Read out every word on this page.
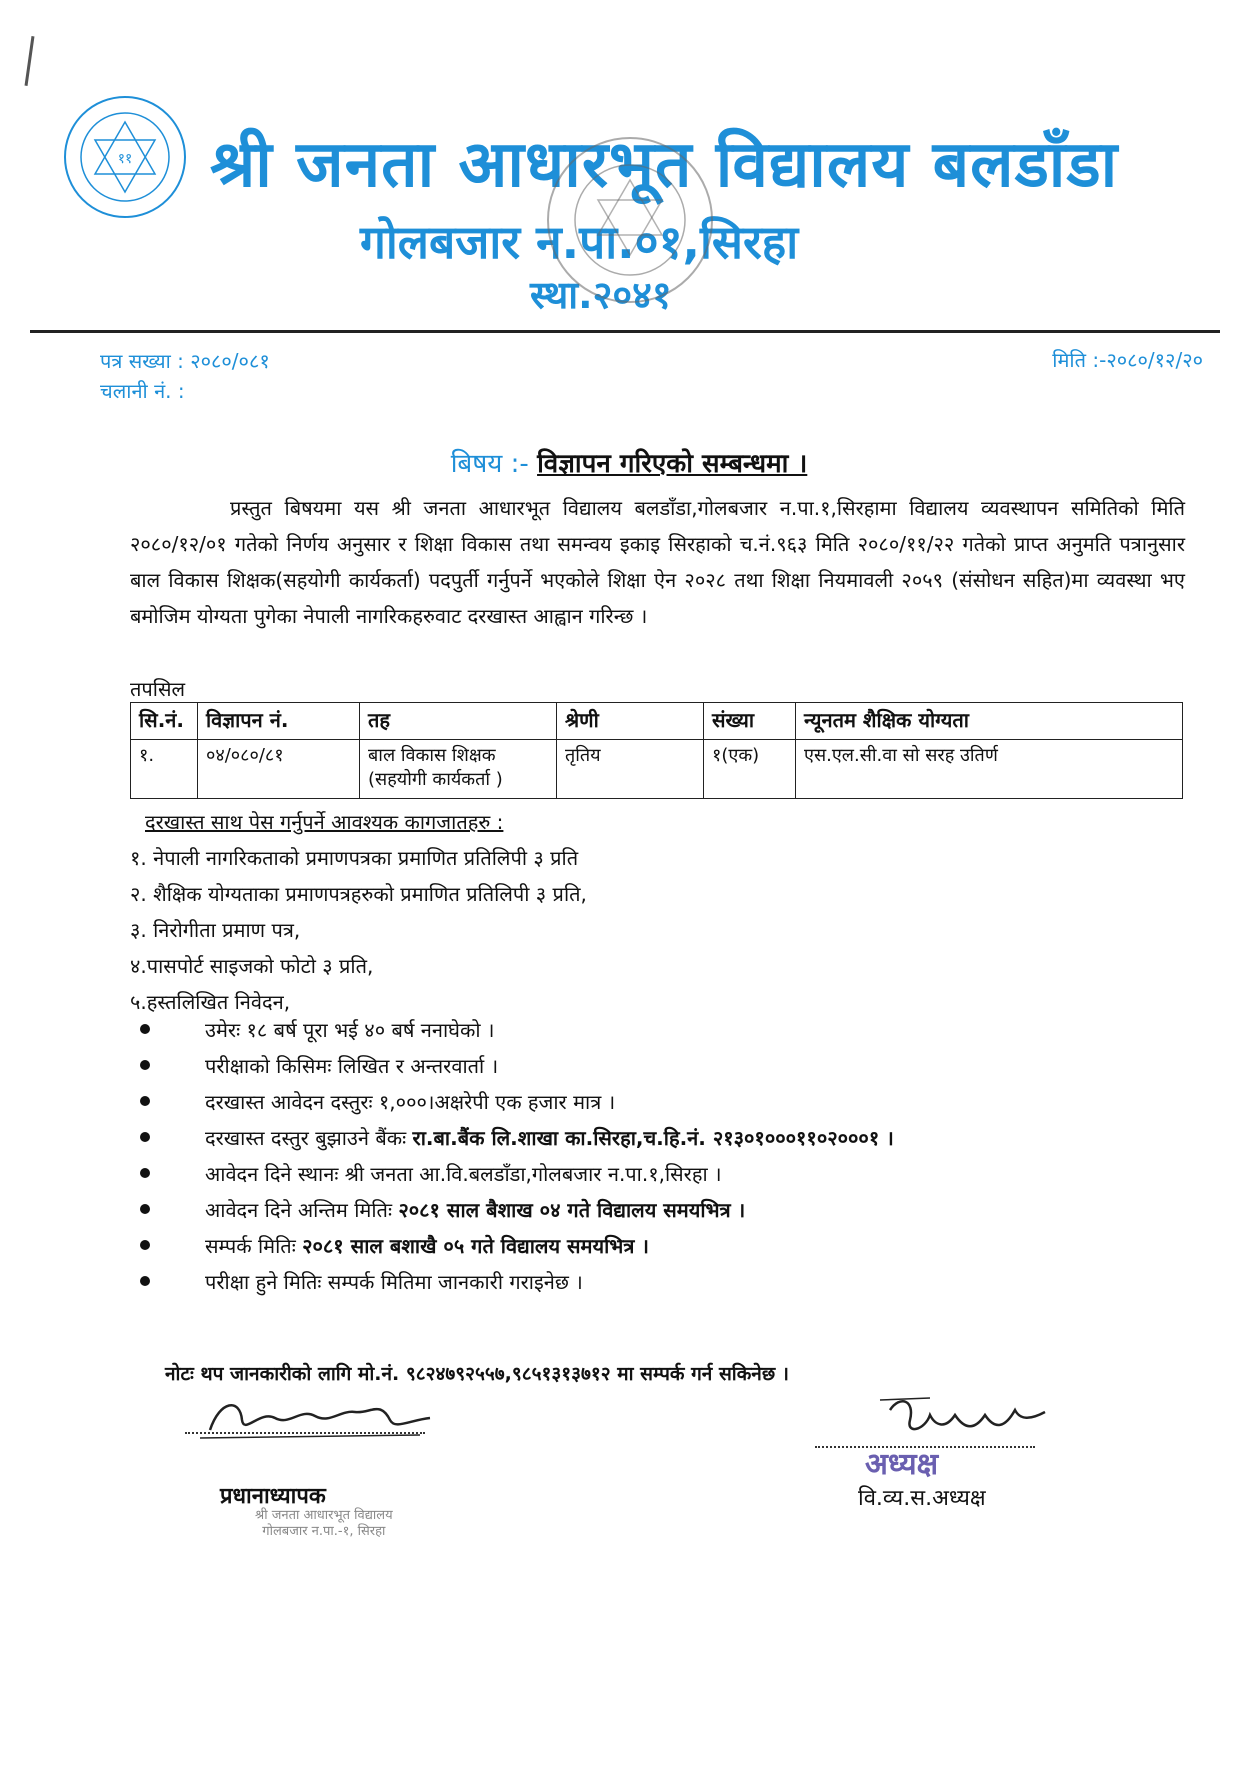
११ श्री जनता आधारभूत विद्यालय बलडाँडा
गोलबजार न.पा.०१,सिरहा
स्था.२०४१
पत्र सख्या : २०८०/०८१
चलानी नं. :
मिति :-२०८०/१२/२०
बिषय :- विज्ञापन गरिएको सम्बन्धमा ।
प्रस्तुत बिषयमा यस श्री जनता आधारभूत विद्यालय बलडाँडा,गोलबजार न.पा.१,सिरहामा विद्यालय व्यवस्थापन समितिको मिति २०८०/१२/०१ गतेको निर्णय अनुसार र शिक्षा विकास तथा समन्वय इकाइ सिरहाको च.नं.९६३ मिति २०८०/११/२२ गतेको प्राप्त अनुमति पत्रानुसार बाल विकास शिक्षक(सहयोगी कार्यकर्ता) पदपुर्ती गर्नुपर्ने भएकोले शिक्षा ऐन २०२८ तथा शिक्षा नियमावली २०५९ (संसोधन सहित)मा व्यवस्था भए बमोजिम योग्यता पुगेका नेपाली नागरिकहरुवाट दरखास्त आह्वान गरिन्छ ।
तपसिल
सि.नं.	विज्ञापन नं.	तह	श्रेणी	संख्या	न्यूनतम शैक्षिक योग्यता
१.	०४/०८०/८१	बाल विकास शिक्षक
(सहयोगी कार्यकर्ता )	तृतिय	१(एक)	एस.एल.सी.वा सो सरह उतिर्ण
दरखास्त साथ पेस गर्नुपर्ने आवश्यक कागजातहरु :
१. नेपाली नागरिकताको प्रमाणपत्रका प्रमाणित प्रतिलिपी ३ प्रति
२. शैक्षिक योग्यताका प्रमाणपत्रहरुको प्रमाणित प्रतिलिपी ३ प्रति,
३. निरोगीता प्रमाण पत्र,
४.पासपोर्ट साइजको फोटो ३ प्रति,
५.हस्तलिखित निवेदन,
उमेरः १८ बर्ष पूरा भई ४० बर्ष ननाघेको ।
परीक्षाको किसिमः लिखित र अन्तरवार्ता ।
दरखास्त आवेदन दस्तुरः १,०००।अक्षरेपी एक हजार मात्र ।
दरखास्त दस्तुर बुझाउने बैंकः रा.बा.बैंक लि.शाखा का.सिरहा,च.हि.नं. २१३०१०००११०२०००१ ।
आवेदन दिने स्थानः श्री जनता आ.वि.बलडाँडा,गोलबजार न.पा.१,सिरहा ।
आवेदन दिने अन्तिम मितिः २०८१ साल बैशाख ०४ गते विद्यालय समयभित्र ।
सम्पर्क मितिः २०८१ साल बशाखै ०५ गते विद्यालय समयभित्र ।
परीक्षा हुने मितिः सम्पर्क मितिमा जानकारी गराइनेछ ।
नोटः थप जानकारीको लागि मो.नं. ९८२४७९२५५७,९८५१३१३७१२ मा सम्पर्क गर्न सकिनेछ ।
प्रधानाध्यापक
श्री जनता आधारभूत विद्यालय
गोलबजार न.पा.-१, सिरहा
अध्यक्ष
वि.व्य.स.अध्यक्ष
